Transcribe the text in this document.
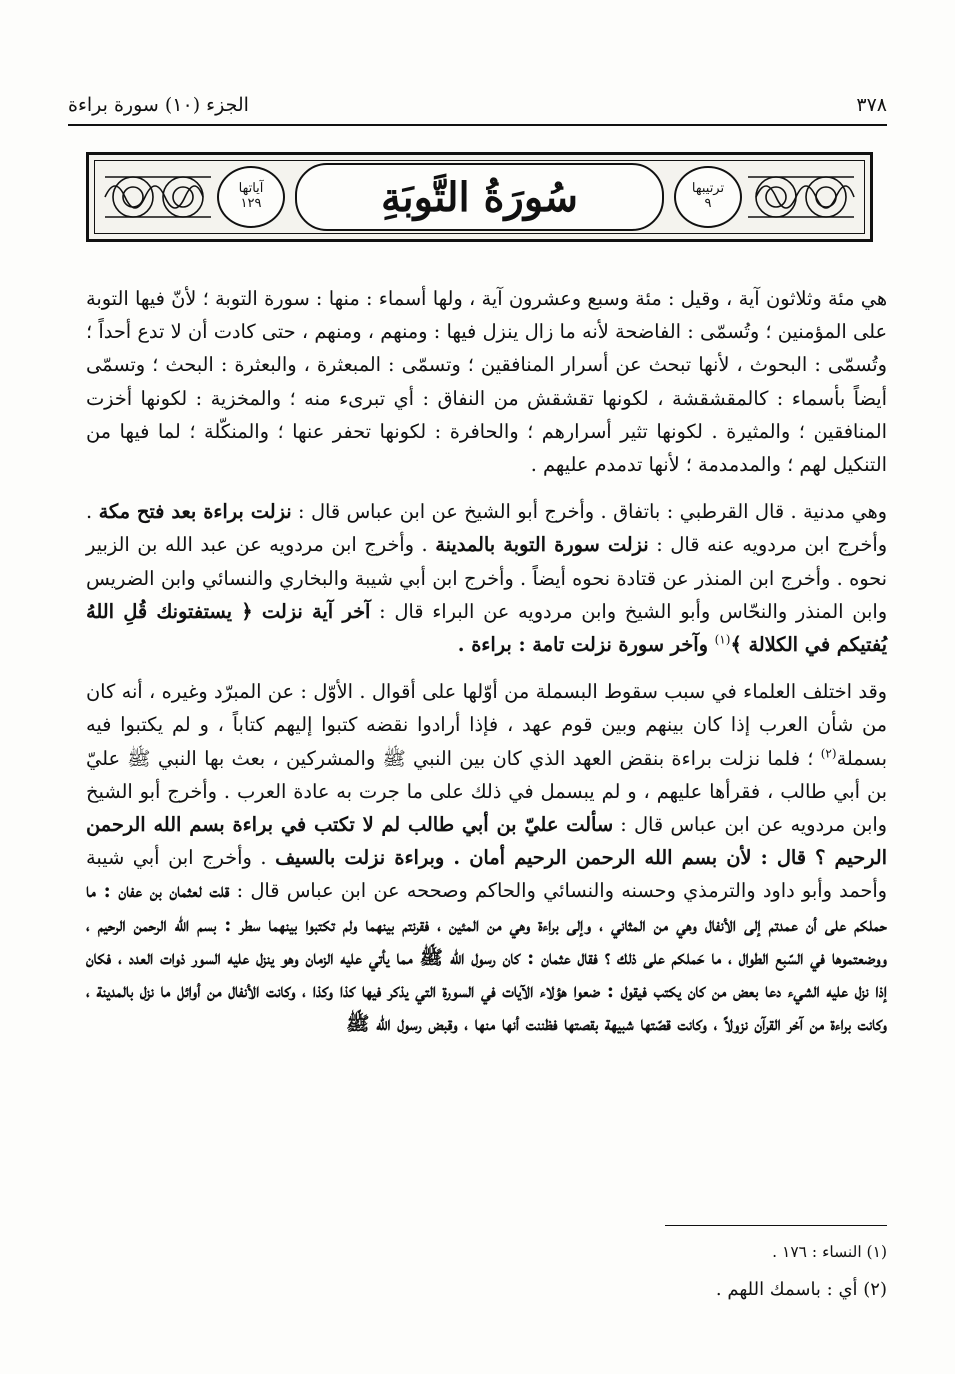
٣٧٨
الجزء (١٠) سورة براءة
ترتيبها
٩
سُورَةُ التَّوبَةِ
آياتها
١٢٩

هي مئة وثلاثون آية ، وقيل : مئة وسبع وعشرون آية ، ولها أسماء : منها : سورة التوبة ؛ لأنّ فيها التوبة على المؤمنين ؛ وتُسمّى : الفاضحة لأنه ما زال ينزل فيها : ومنهم ، ومنهم ، حتى كادت أن لا تدع أحداً ؛ وتُسمّى : البحوث ، لأنها تبحث عن أسرار المنافقين ؛ وتسمّى : المبعثرة ، والبعثرة : البحث ؛ وتسمّى أيضاً بأسماء : كالمقشقشة ، لكونها تقشقش من النفاق : أي تبرىء منه ؛ والمخزية : لكونها أخزت المنافقين ؛ والمثيرة . لكونها تثير أسرارهم ؛ والحافرة : لكونها تحفر عنها ؛ والمنكّلة ؛ لما فيها من التنكيل لهم ؛ والمدمدمة ؛ لأنها تدمدم عليهم .

وهي مدنية . قال القرطبي : باتفاق . وأخرج أبو الشيخ عن ابن عباس قال : نزلت براءة بعد فتح مكة . وأخرج ابن مردويه عنه قال : نزلت سورة التوبة بالمدينة . وأخرج ابن مردويه عن عبد الله بن الزبير نحوه . وأخرج ابن المنذر عن قتادة نحوه أيضاً . وأخرج ابن أبي شيبة والبخاري والنسائي وابن الضريس وابن المنذر والنحّاس وأبو الشيخ وابن مردويه عن البراء قال : آخر آية نزلت ﴿ يستفتونك قُلِ اللهُ يُفتيكم في الكلالة ﴾$^{(١)}$ وآخر سورة نزلت تامة : براءة .

وقد اختلف العلماء في سبب سقوط البسملة من أوّلها على أقوال . الأوّل : عن المبرّد وغيره ، أنه كان من شأن العرب إذا كان بينهم وبين قوم عهد ، فإذا أرادوا نقضه كتبوا إليهم كتاباً ، و لم يكتبوا فيه بسملة$^{(٢)}$ ؛ فلما نزلت براءة بنقض العهد الذي كان بين النبي ﷺ والمشركين ، بعث بها النبي ﷺ عليّ بن أبي طالب ، فقرأها عليهم ، و لم يبسمل في ذلك على ما جرت به عادة العرب . وأخرج أبو الشيخ وابن مردويه عن ابن عباس قال : سألت عليّ بن أبي طالب لم لا تكتب في براءة بسم الله الرحمن الرحيم ؟ قال : لأن بسم الله الرحمن الرحيم أمان . وبراءة نزلت بالسيف . وأخرج ابن أبي شيبة وأحمد وأبو داود والترمذي وحسنه والنسائي والحاكم وصححه عن ابن عباس قال : قلت لعثمان بن عفان : ما حملكم على أن عمدتم إلى الأنفال وهي من المثاني ، وإلى براءة وهي من المئين ، فقرنتم بينهما ولم تكتبوا بينهما سطر : بسم الله الرحمن الرحيم ، ووضعتموها في السّبع الطوال ، ما حَملكم على ذلك ؟ فقال عثمان : كان رسول الله ﷺ مما يأتي عليه الزمان وهو ينزل عليه السور ذوات العدد ، فكان إذا نزل عليه الشيء دعا بعض من كان يكتب فيقول : ضعوا هؤلاء الآيات في السورة التي يذكر فيها كذا وكذا ، وكانت الأنفال من أوائل ما نزل بالمدينة ، وكانت براءة من آخر القرآن نزولاً ، وكانت قصّتها شبيهة بقصتها فظننت أنها منها ، وقبض رسول الله ﷺ

(١) النساء : ١٧٦ .
(٢) أي : باسمك اللهم .
